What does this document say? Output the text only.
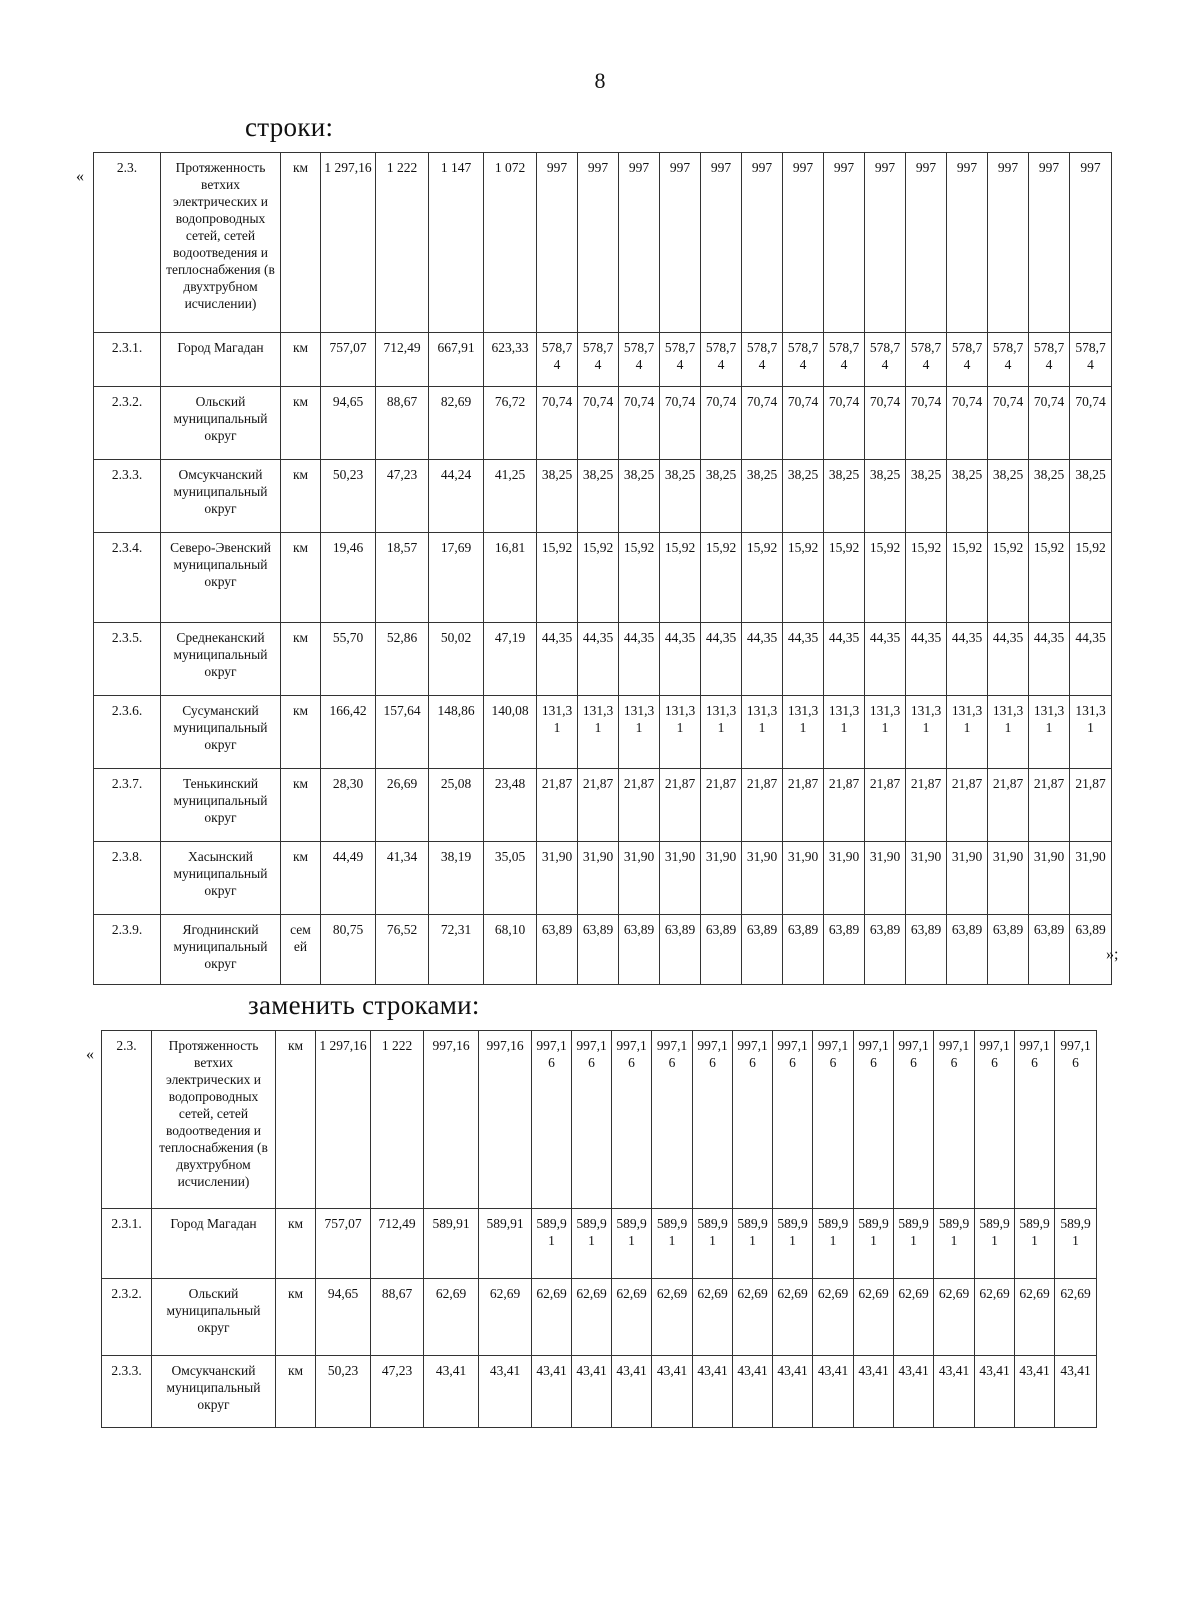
8
строки:
«
2.3.	Протяженность ветхих электрических и водопроводных сетей, сетей водоотведения и теплоснабжения (в двухтрубном исчислении)	км	1 297,16	1 222	1 147	1 072	997	997	997	997	997	997	997	997	997	997	997	997	997	997
2.3.1.	Город Магадан	км	757,07	712,49	667,91	623,33	578,74	578,74	578,74	578,74	578,74	578,74	578,74	578,74	578,74	578,74	578,74	578,74	578,74	578,74
2.3.2.	Ольский муниципальный округ	км	94,65	88,67	82,69	76,72	70,74	70,74	70,74	70,74	70,74	70,74	70,74	70,74	70,74	70,74	70,74	70,74	70,74	70,74
2.3.3.	Омсукчанский муниципальный округ	км	50,23	47,23	44,24	41,25	38,25	38,25	38,25	38,25	38,25	38,25	38,25	38,25	38,25	38,25	38,25	38,25	38,25	38,25
2.3.4.	Северо-Эвенский муниципальный округ	км	19,46	18,57	17,69	16,81	15,92	15,92	15,92	15,92	15,92	15,92	15,92	15,92	15,92	15,92	15,92	15,92	15,92	15,92
2.3.5.	Среднеканский муниципальный округ	км	55,70	52,86	50,02	47,19	44,35	44,35	44,35	44,35	44,35	44,35	44,35	44,35	44,35	44,35	44,35	44,35	44,35	44,35
2.3.6.	Сусуманский муниципальный округ	км	166,42	157,64	148,86	140,08	131,31	131,31	131,31	131,31	131,31	131,31	131,31	131,31	131,31	131,31	131,31	131,31	131,31	131,31
2.3.7.	Тенькинский муниципальный округ	км	28,30	26,69	25,08	23,48	21,87	21,87	21,87	21,87	21,87	21,87	21,87	21,87	21,87	21,87	21,87	21,87	21,87	21,87
2.3.8.	Хасынский муниципальный округ	км	44,49	41,34	38,19	35,05	31,90	31,90	31,90	31,90	31,90	31,90	31,90	31,90	31,90	31,90	31,90	31,90	31,90	31,90
2.3.9.	Ягоднинский муниципальный округ	сем ей	80,75	76,52	72,31	68,10	63,89	63,89	63,89	63,89	63,89	63,89	63,89	63,89	63,89	63,89	63,89	63,89	63,89	63,89
»;
заменить строками:
«
2.3.	Протяженность ветхих электрических и водопроводных сетей, сетей водоотведения и теплоснабжения (в двухтрубном исчислении)	км	1 297,16	1 222	997,16	997,16	997,16	997,16	997,16	997,16	997,16	997,16	997,16	997,16	997,16	997,16	997,16	997,16	997,16	997,16
2.3.1.	Город Магадан	км	757,07	712,49	589,91	589,91	589,91	589,91	589,91	589,91	589,91	589,91	589,91	589,91	589,91	589,91	589,91	589,91	589,91	589,91
2.3.2.	Ольский муниципальный округ	км	94,65	88,67	62,69	62,69	62,69	62,69	62,69	62,69	62,69	62,69	62,69	62,69	62,69	62,69	62,69	62,69	62,69	62,69
2.3.3.	Омсукчанский муниципальный округ	км	50,23	47,23	43,41	43,41	43,41	43,41	43,41	43,41	43,41	43,41	43,41	43,41	43,41	43,41	43,41	43,41	43,41	43,41
